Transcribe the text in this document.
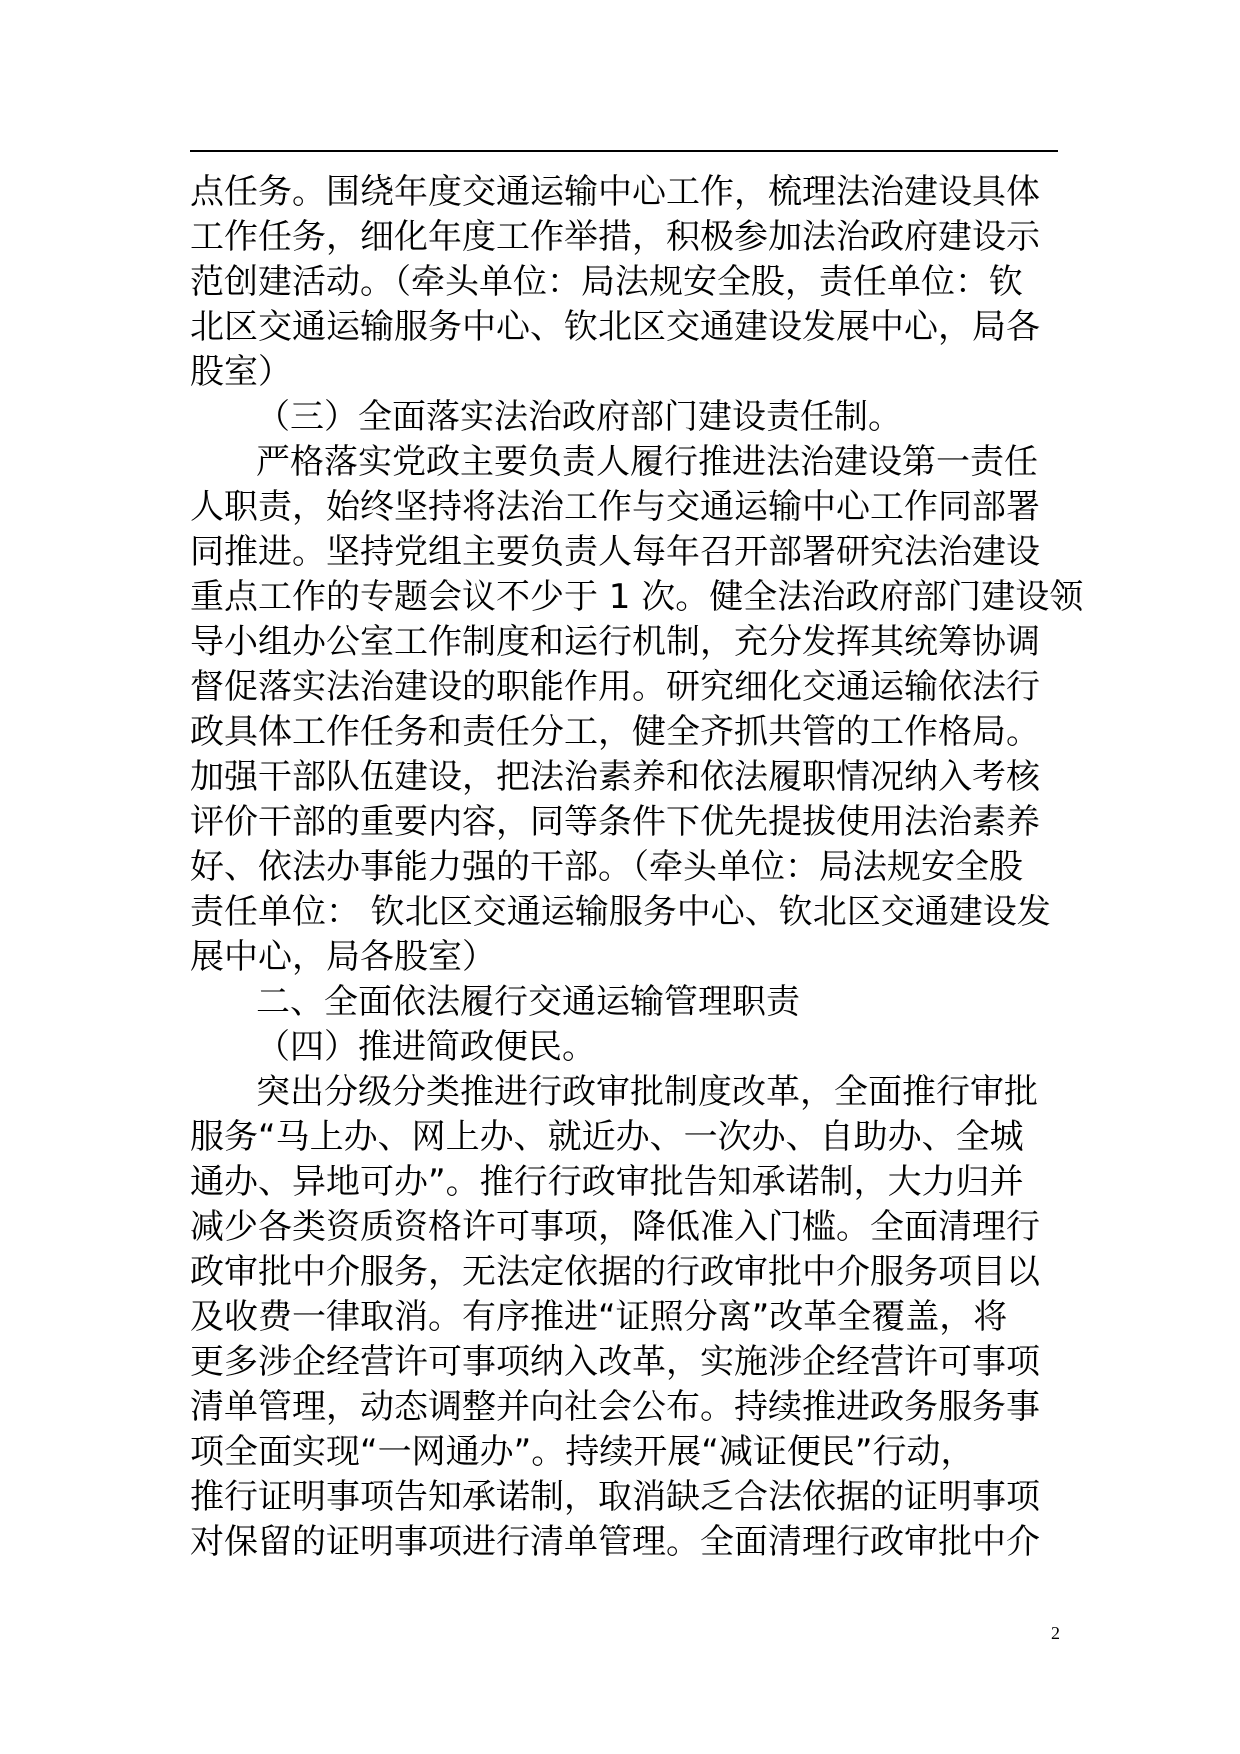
点任务。围绕年度交通运输中心工作，梳理法治建设具体
工作任务，细化年度工作举措，积极参加法治政府建设示
范创建活动。（牵头单位：局法规安全股，责任单位：钦
北区交通运输服务中心、钦北区交通建设发展中心，局各
股室）
（三）全面落实法治政府部门建设责任制。
严格落实党政主要负责人履行推进法治建设第一责任
人职责，始终坚持将法治工作与交通运输中心工作同部署
同推进。坚持党组主要负责人每年召开部署研究法治建设
重点工作的专题会议不少于 1 次。健全法治政府部门建设领
导小组办公室工作制度和运行机制，充分发挥其统筹协调
督促落实法治建设的职能作用。研究细化交通运输依法行
政具体工作任务和责任分工，健全齐抓共管的工作格局。
加强干部队伍建设，把法治素养和依法履职情况纳入考核
评价干部的重要内容，同等条件下优先提拔使用法治素养
好、依法办事能力强的干部。（牵头单位：局法规安全股
责任单位： 钦北区交通运输服务中心、钦北区交通建设发
展中心，局各股室）
二、全面依法履行交通运输管理职责
（四）推进简政便民。
突出分级分类推进行政审批制度改革，全面推行审批
服务“马上办、网上办、就近办、一次办、自助办、全城
通办、异地可办”。推行行政审批告知承诺制，大力归并
减少各类资质资格许可事项，降低准入门槛。全面清理行
政审批中介服务，无法定依据的行政审批中介服务项目以
及收费一律取消。有序推进“证照分离”改革全覆盖，将
更多涉企经营许可事项纳入改革，实施涉企经营许可事项
清单管理，动态调整并向社会公布。持续推进政务服务事
项全面实现“一网通办”。持续开展“减证便民”行动，
推行证明事项告知承诺制，取消缺乏合法依据的证明事项
对保留的证明事项进行清单管理。全面清理行政审批中介
2
